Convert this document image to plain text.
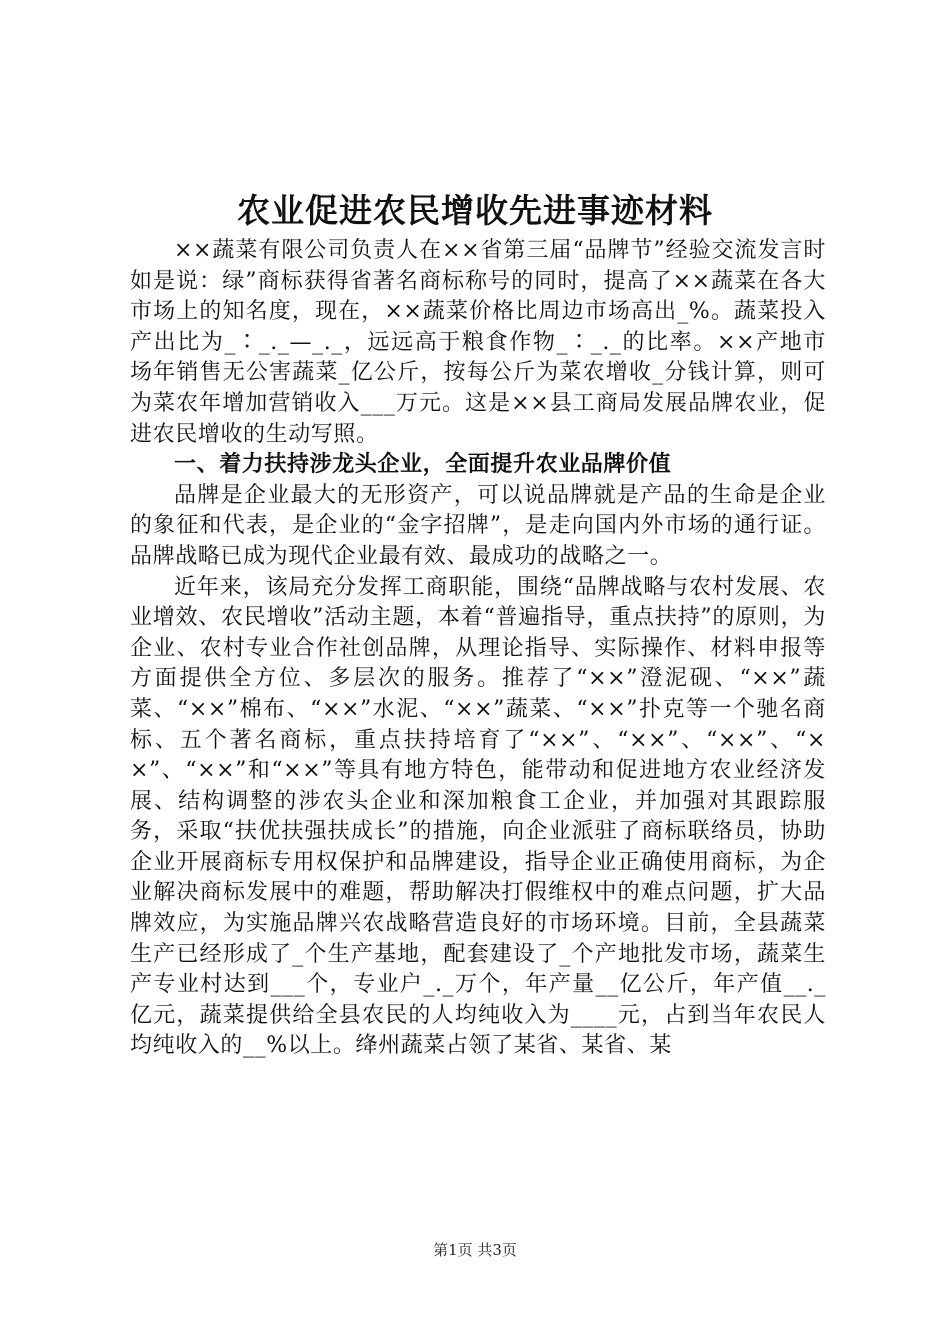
农业促进农民增收先进事迹材料

××蔬菜有限公司负责人在××省第三届“品牌节”经验交流发言时如是说：绿”商标获得省著名商标称号的同时，提高了××蔬菜在各大市场上的知名度，现在，××蔬菜价格比周边市场高出_%。蔬菜投入产出比为_∶_._—_._，远远高于粮食作物_∶_._的比率。××产地市场年销售无公害蔬菜_亿公斤，按每公斤为菜农增收_分钱计算，则可为菜农年增加营销收入___万元。这是××县工商局发展品牌农业，促进农民增收的生动写照。

一、着力扶持涉龙头企业，全面提升农业品牌价值

品牌是企业最大的无形资产，可以说品牌就是产品的生命是企业的象征和代表，是企业的“金字招牌”，是走向国内外市场的通行证。品牌战略已成为现代企业最有效、最成功的战略之一。

近年来，该局充分发挥工商职能，围绕“品牌战略与农村发展、农业增效、农民增收”活动主题，本着“普遍指导，重点扶持”的原则，为企业、农村专业合作社创品牌，从理论指导、实际操作、材料申报等方面提供全方位、多层次的服务。推荐了“××”澄泥砚、“××”蔬菜、“××”棉布、“××”水泥、“××”蔬菜、“××”扑克等一个驰名商标、五个著名商标，重点扶持培育了“××”、“××”、“××”、“××”、“××”和“××”等具有地方特色，能带动和促进地方农业经济发展、结构调整的涉农头企业和深加粮食工企业，并加强对其跟踪服务，采取“扶优扶强扶成长”的措施，向企业派驻了商标联络员，协助企业开展商标专用权保护和品牌建设，指导企业正确使用商标，为企业解决商标发展中的难题，帮助解决打假维权中的难点问题，扩大品牌效应，为实施品牌兴农战略营造良好的市场环境。目前，全县蔬菜生产已经形成了_个生产基地，配套建设了_个产地批发市场，蔬菜生产专业村达到___个，专业户_._万个，年产量__亿公斤，年产值__._亿元，蔬菜提供给全县农民的人均纯收入为____元，占到当年农民人均纯收入的__%以上。绛州蔬菜占领了某省、某省、某

第1页 共3页
